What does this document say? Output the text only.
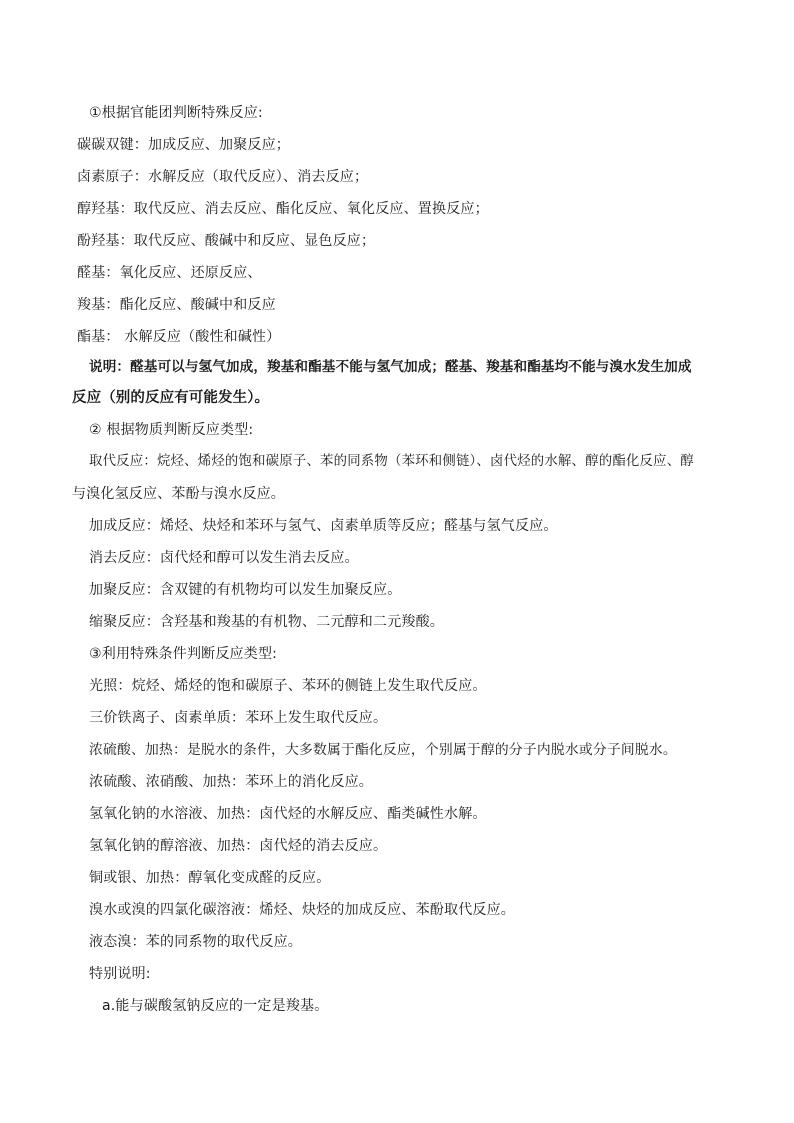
①根据官能团判断特殊反应:
碳碳双键：加成反应、加聚反应；
卤素原子：水解反应（取代反应）、消去反应；
醇羟基：取代反应、消去反应、酯化反应、氧化反应、置换反应；
酚羟基：取代反应、酸碱中和反应、显色反应；
醛基：氧化反应、还原反应、
羧基：酯化反应、酸碱中和反应
酯基： 水解反应（酸性和碱性）
说明：醛基可以与氢气加成，羧基和酯基不能与氢气加成；醛基、羧基和酯基均不能与溴水发生加成
反应（别的反应有可能发生）。
② 根据物质判断反应类型:
取代反应：烷烃、烯烃的饱和碳原子、苯的同系物（苯环和侧链）、卤代烃的水解、醇的酯化反应、醇
与溴化氢反应、苯酚与溴水反应。
加成反应：烯烃、炔烃和苯环与氢气、卤素单质等反应；醛基与氢气反应。
消去反应：卤代烃和醇可以发生消去反应。
加聚反应：含双键的有机物均可以发生加聚反应。
缩聚反应：含羟基和羧基的有机物、二元醇和二元羧酸。
③利用特殊条件判断反应类型:
光照：烷烃、烯烃的饱和碳原子、苯环的侧链上发生取代反应。
三价铁离子、卤素单质：苯环上发生取代反应。
浓硫酸、加热：是脱水的条件，大多数属于酯化反应，个别属于醇的分子内脱水或分子间脱水。
浓硫酸、浓硝酸、加热：苯环上的消化反应。
氢氧化钠的水溶液、加热：卤代烃的水解反应、酯类碱性水解。
氢氧化钠的醇溶液、加热：卤代烃的消去反应。
铜或银、加热：醇氧化变成醛的反应。
溴水或溴的四氯化碳溶液：烯烃、炔烃的加成反应、苯酚取代反应。
液态溴：苯的同系物的取代反应。
特别说明:
a.能与碳酸氢钠反应的一定是羧基。
